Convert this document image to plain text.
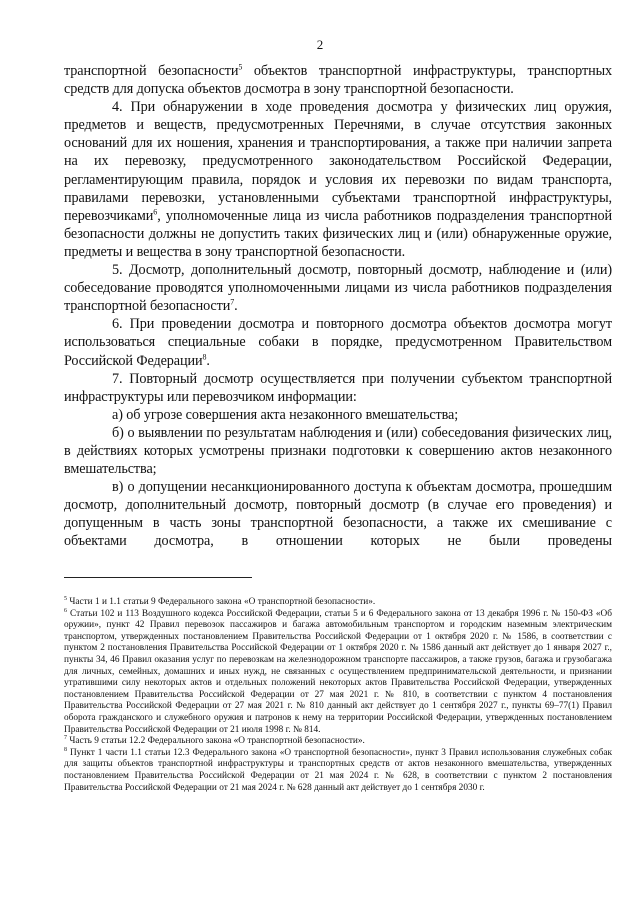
2

транспортной безопасности$^5$ объектов транспортной инфраструктуры, транспортных средств для допуска объектов досмотра в зону транспортной безопасности.

4. При обнаружении в ходе проведения досмотра у физических лиц оружия, предметов и веществ, предусмотренных Перечнями, в случае отсутствия законных оснований для их ношения, хранения и транспортирования, а также при наличии запрета на их перевозку, предусмотренного законодательством Российской Федерации, регламентирующим правила, порядок и условия их перевозки по видам транспорта, правилами перевозки, установленными субъектами транспортной инфраструктуры, перевозчиками$^6$, уполномоченные лица из числа работников подразделения транспортной безопасности должны не допустить таких физических лиц и (или) обнаруженные оружие, предметы и вещества в зону транспортной безопасности.

5. Досмотр, дополнительный досмотр, повторный досмотр, наблюдение и (или) собеседование проводятся уполномоченными лицами из числа работников подразделения транспортной безопасности$^7$.

6. При проведении досмотра и повторного досмотра объектов досмотра могут использоваться специальные собаки в порядке, предусмотренном Правительством Российской Федерации$^8$.

7. Повторный досмотр осуществляется при получении субъектом транспортной инфраструктуры или перевозчиком информации:

а) об угрозе совершения акта незаконного вмешательства;

б) о выявлении по результатам наблюдения и (или) собеседования физических лиц, в действиях которых усмотрены признаки подготовки к совершению актов незаконного вмешательства;

в) о допущении несанкционированного доступа к объектам досмотра, прошедшим досмотр, дополнительный досмотр, повторный досмотр (в случае его проведения) и допущенным в часть зоны транспортной безопасности, а также их смешивание с объектами досмотра, в отношении которых не были проведены

$^5$ Части 1 и 1.1 статьи 9 Федерального закона «О транспортной безопасности».

$^6$ Статьи 102 и 113 Воздушного кодекса Российской Федерации, статьи 5 и 6 Федерального закона от 13 декабря 1996 г. № 150-ФЗ «Об оружии», пункт 42 Правил перевозок пассажиров и багажа автомобильным транспортом и городским наземным электрическим транспортом, утвержденных постановлением Правительства Российской Федерации от 1 октября 2020 г. № 1586, в соответствии с пунктом 2 постановления Правительства Российской Федерации от 1 октября 2020 г. № 1586 данный акт действует до 1 января 2027 г., пункты 34, 46 Правил оказания услуг по перевозкам на железнодорожном транспорте пассажиров, а также грузов, багажа и грузобагажа для личных, семейных, домашних и иных нужд, не связанных с осуществлением предпринимательской деятельности, и признании утратившими силу некоторых актов и отдельных положений некоторых актов Правительства Российской Федерации, утвержденных постановлением Правительства Российской Федерации от 27 мая 2021 г. № 810, в соответствии с пунктом 4 постановления Правительства Российской Федерации от 27 мая 2021 г. № 810 данный акт действует до 1 сентября 2027 г., пункты 69–77(1) Правил оборота гражданского и служебного оружия и патронов к нему на территории Российской Федерации, утвержденных постановлением Правительства Российской Федерации от 21 июля 1998 г. № 814.

$^7$ Часть 9 статьи 12.2 Федерального закона «О транспортной безопасности».

$^8$ Пункт 1 части 1.1 статьи 12.3 Федерального закона «О транспортной безопасности», пункт 3 Правил использования служебных собак для защиты объектов транспортной инфраструктуры и транспортных средств от актов незаконного вмешательства, утвержденных постановлением Правительства Российской Федерации от 21 мая 2024 г. № 628, в соответствии с пунктом 2 постановления Правительства Российской Федерации от 21 мая 2024 г. № 628 данный акт действует до 1 сентября 2030 г.
